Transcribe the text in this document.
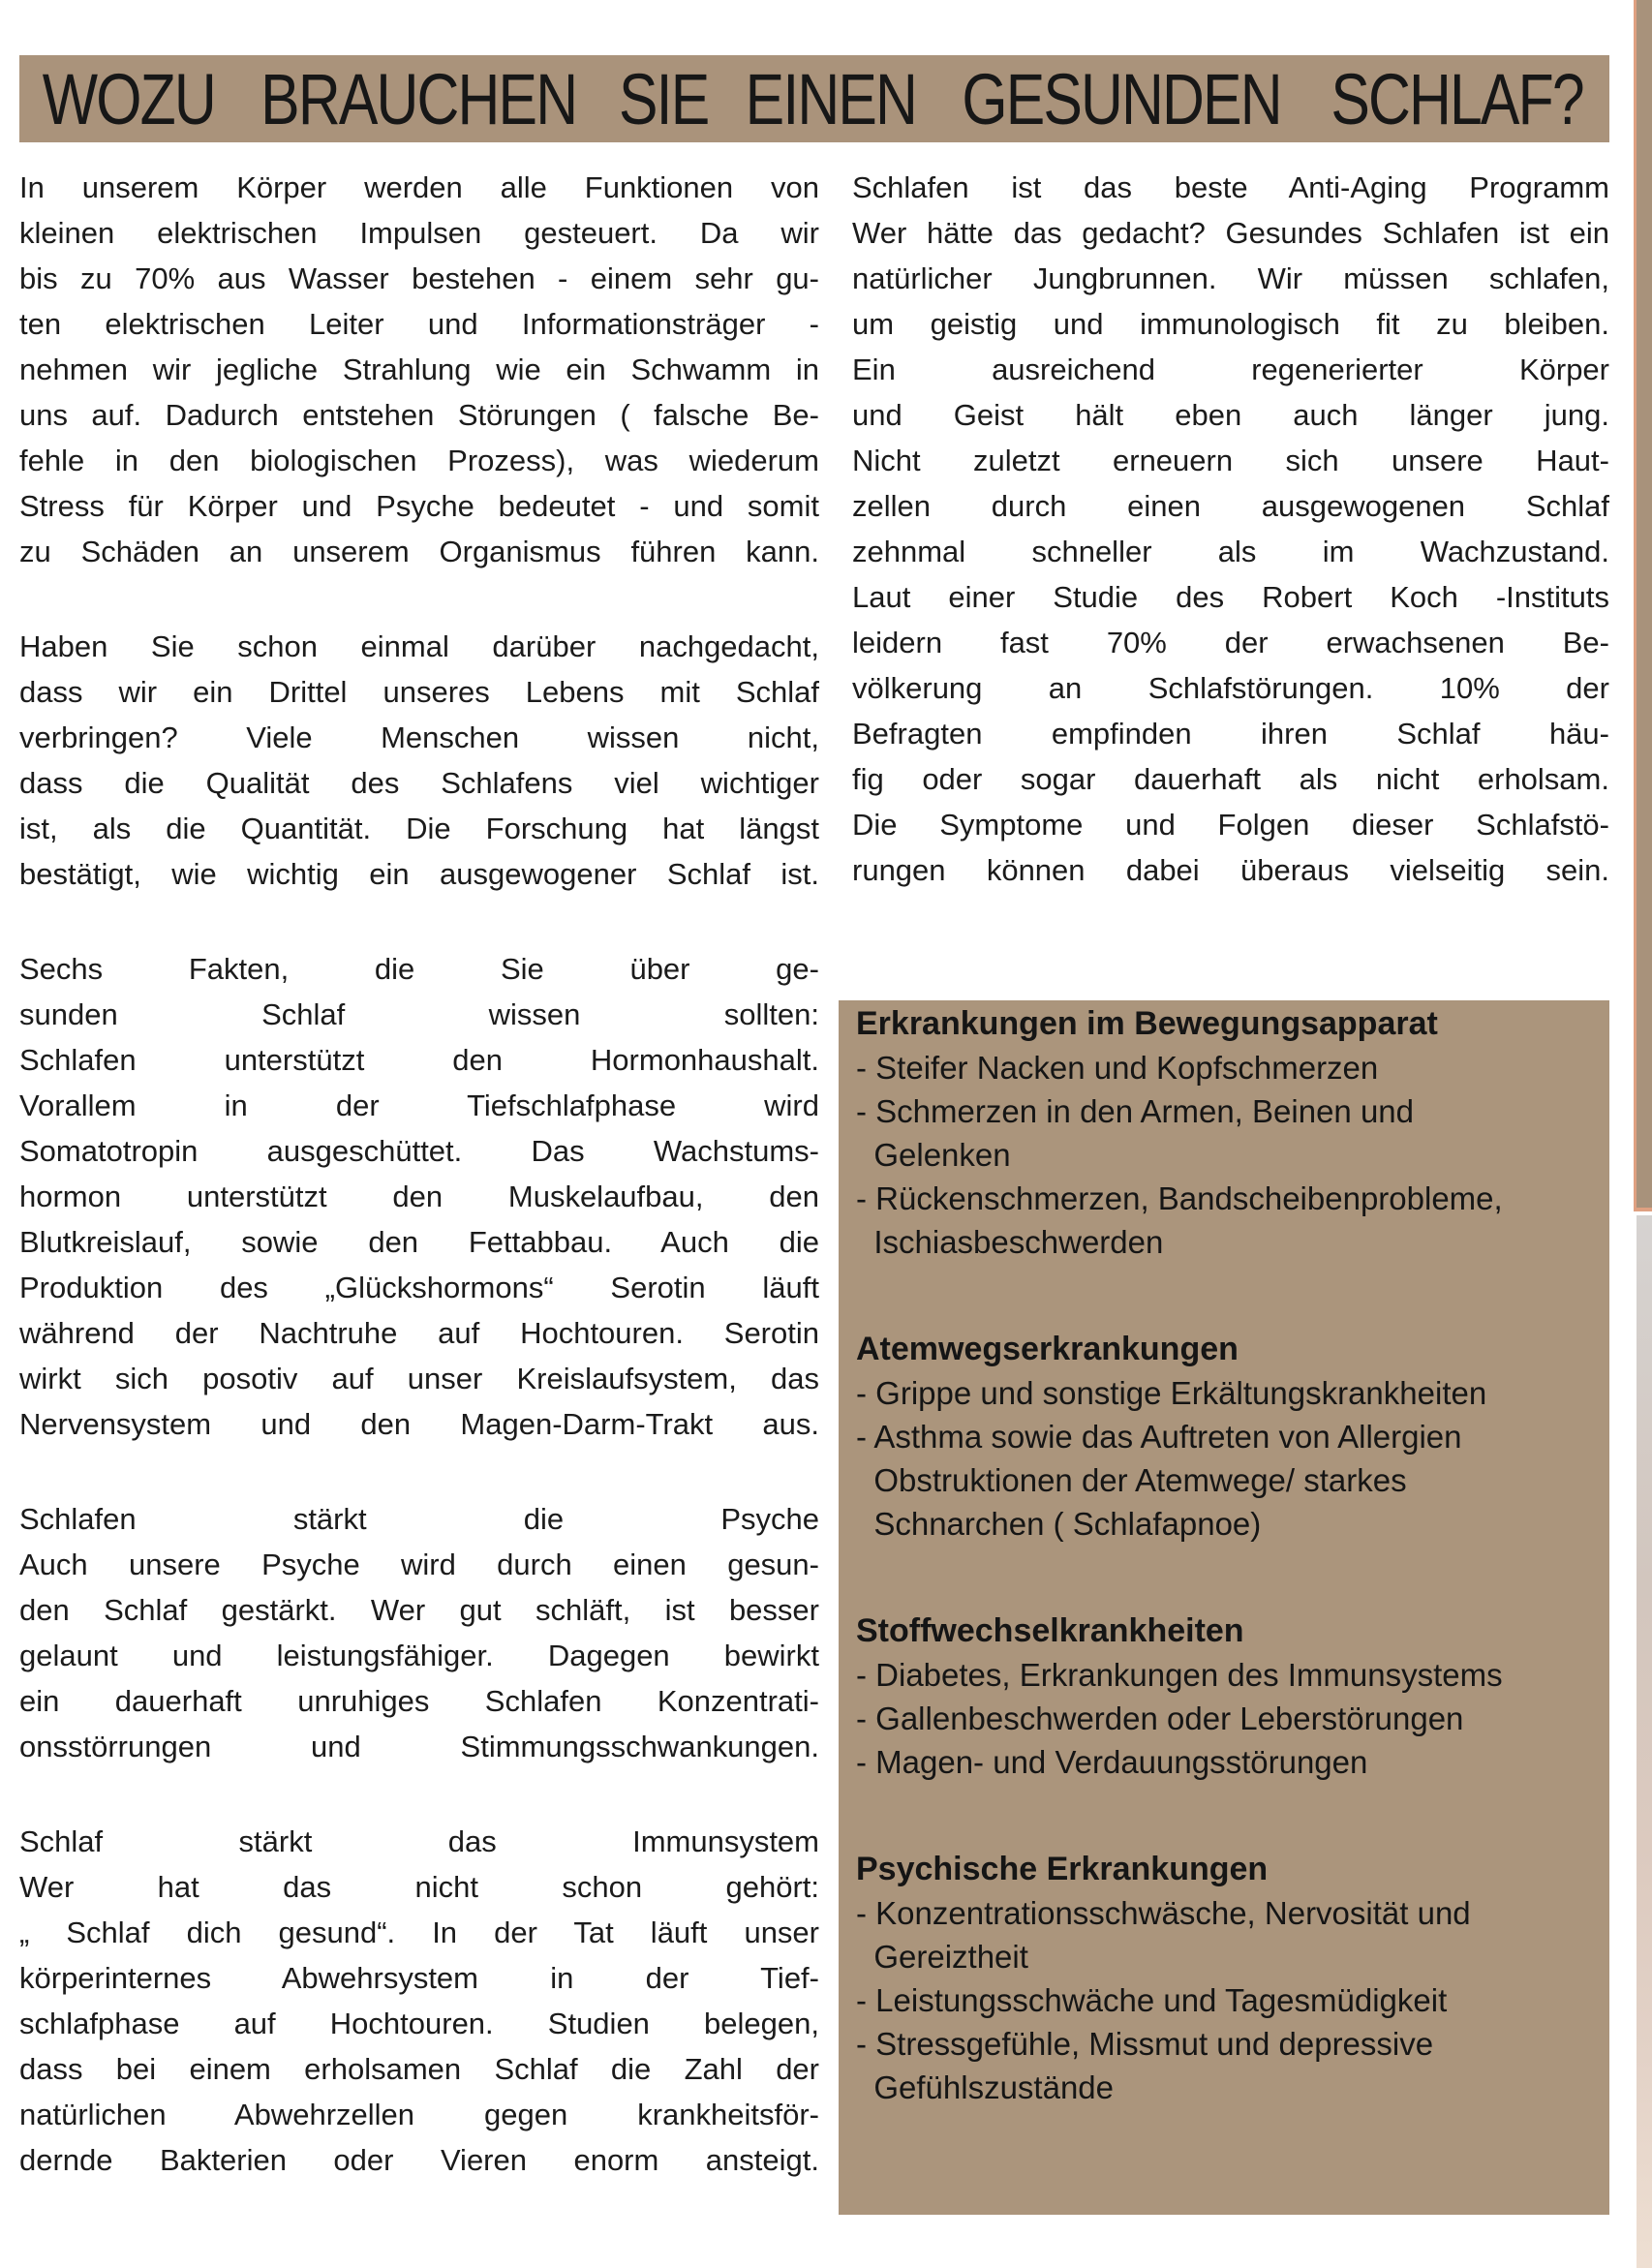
WOZU BRAUCHEN SIE EINEN GESUNDEN SCHLAF?
In unserem Körper werden alle Funktionen von
kleinen elektrischen Impulsen gesteuert. Da wir
bis zu 70% aus Wasser bestehen - einem sehr gu-
ten elektrischen Leiter und Informationsträger -
nehmen wir jegliche Strahlung wie ein Schwamm in
uns auf. Dadurch entstehen Störungen ( falsche Be-
fehle in den biologischen Prozess), was wiederum
Stress für Körper und Psyche bedeutet - und somit
zu Schäden an unserem Organismus führen kann.
Haben Sie schon einmal darüber nachgedacht,
dass wir ein Drittel unseres Lebens mit Schlaf
verbringen? Viele Menschen wissen nicht,
dass die Qualität des Schlafens viel wichtiger
ist, als die Quantität. Die Forschung hat längst
bestätigt, wie wichtig ein ausgewogener Schlaf ist.
Sechs Fakten, die Sie über ge-
sunden Schlaf wissen sollten:
Schlafen unterstützt den Hormonhaushalt.
Vorallem in der Tiefschlafphase wird
Somatotropin ausgeschüttet. Das Wachstums-
hormon unterstützt den Muskelaufbau, den
Blutkreislauf, sowie den Fettabbau. Auch die
Produktion des „Glückshormons“ Serotin läuft
während der Nachtruhe auf Hochtouren. Serotin
wirkt sich posotiv auf unser Kreislaufsystem, das
Nervensystem und den Magen-Darm-Trakt aus.
Schlafen stärkt die Psyche
Auch unsere Psyche wird durch einen gesun-
den Schlaf gestärkt. Wer gut schläft, ist besser
gelaunt und leistungsfähiger. Dagegen bewirkt
ein dauerhaft unruhiges Schlafen Konzentrati-
onsstörrungen und Stimmungsschwankungen.
Schlaf stärkt das Immunsystem
Wer hat das nicht schon gehört:
„ Schlaf dich gesund“. In der Tat läuft unser
körperinternes Abwehrsystem in der Tief-
schlafphase auf Hochtouren. Studien belegen,
dass bei einem erholsamen Schlaf die Zahl der
natürlichen Abwehrzellen gegen krankheitsför-
dernde Bakterien oder Vieren enorm ansteigt.
Schlafen ist das beste Anti-Aging Programm
Wer hätte das gedacht? Gesundes Schlafen ist ein
natürlicher Jungbrunnen. Wir müssen schlafen,
um geistig und immunologisch fit zu bleiben.
Ein ausreichend regenerierter Körper
und Geist hält eben auch länger jung.
Nicht zuletzt erneuern sich unsere Haut-
zellen durch einen ausgewogenen Schlaf
zehnmal schneller als im Wachzustand.
Laut einer Studie des Robert Koch -Instituts
leidern fast 70% der erwachsenen Be-
völkerung an Schlafstörungen. 10% der
Befragten empfinden ihren Schlaf häu-
fig oder sogar dauerhaft als nicht erholsam.
Die Symptome und Folgen dieser Schlafstö-
rungen können dabei überaus vielseitig sein.
Erkrankungen im Bewegungsapparat
- Steifer Nacken und Kopfschmerzen
- Schmerzen in den Armen, Beinen und
Gelenken
- Rückenschmerzen, Bandscheibenprobleme,
Ischiasbeschwerden
Atemwegserkrankungen
- Grippe und sonstige Erkältungskrankheiten
- Asthma sowie das Auftreten von Allergien
Obstruktionen der Atemwege/ starkes
Schnarchen ( Schlafapnoe)
Stoffwechselkrankheiten
- Diabetes, Erkrankungen des Immunsystems
- Gallenbeschwerden oder Leberstörungen
- Magen- und Verdauungsstörungen
Psychische Erkrankungen
- Konzentrationsschwäsche, Nervosität und
Gereiztheit
- Leistungsschwäche und Tagesmüdigkeit
- Stressgefühle, Missmut und depressive
Gefühlszustände
